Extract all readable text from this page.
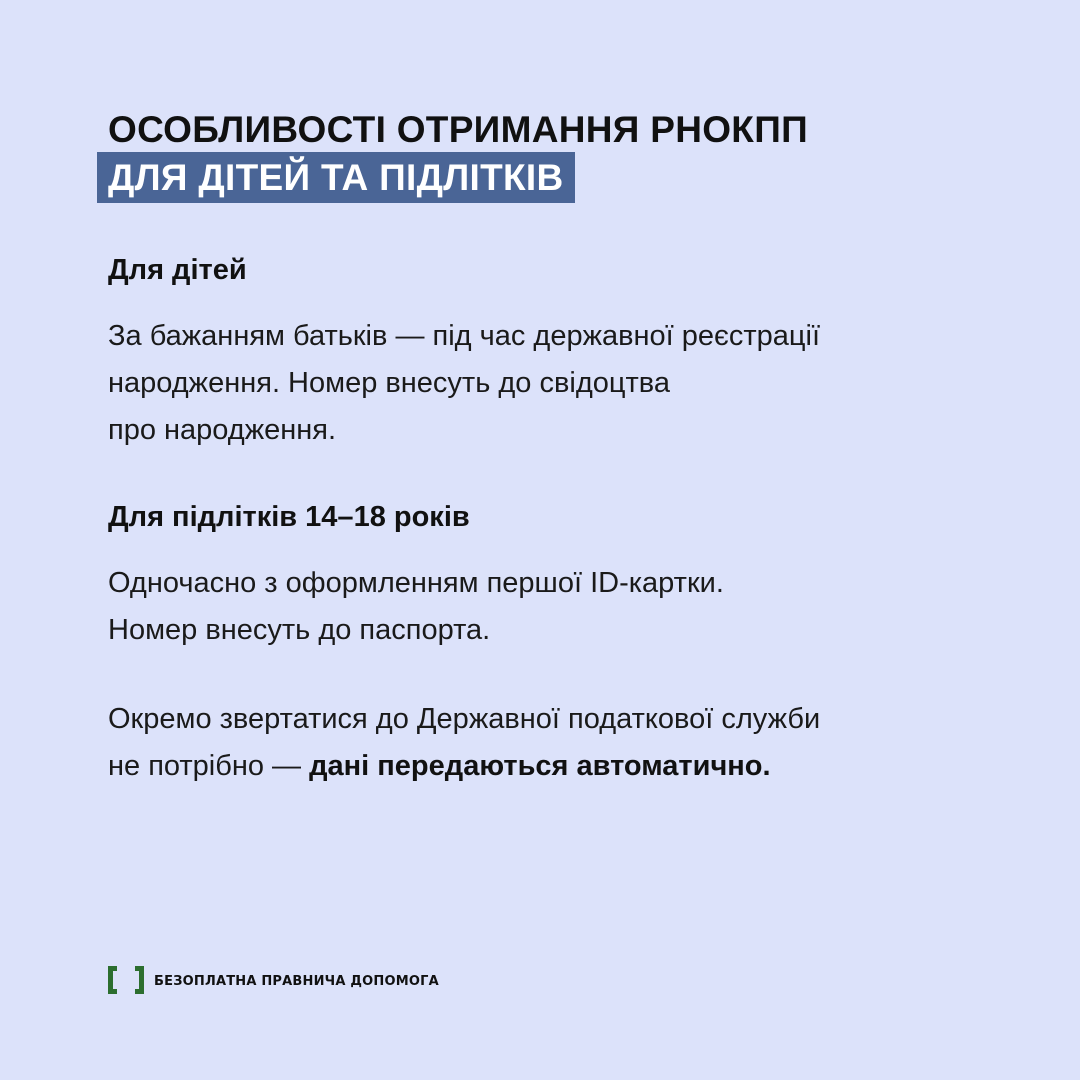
ОСОБЛИВОСТІ ОТРИМАННЯ РНОКПП
ДЛЯ ДІТЕЙ ТА ПІДЛІТКІВ
Для дітей
За бажанням батьків — під час державної реєстрації
народження. Номер внесуть до свідоцтва
про народження.
Для підлітків 14–18 років
Одночасно з оформленням першої ID-картки.
Номер внесуть до паспорта.
Окремо звертатися до Державної податкової служби
не потрібно — дані передаються автоматично.
БЕЗОПЛАТНА ПРАВНИЧА ДОПОМОГА
